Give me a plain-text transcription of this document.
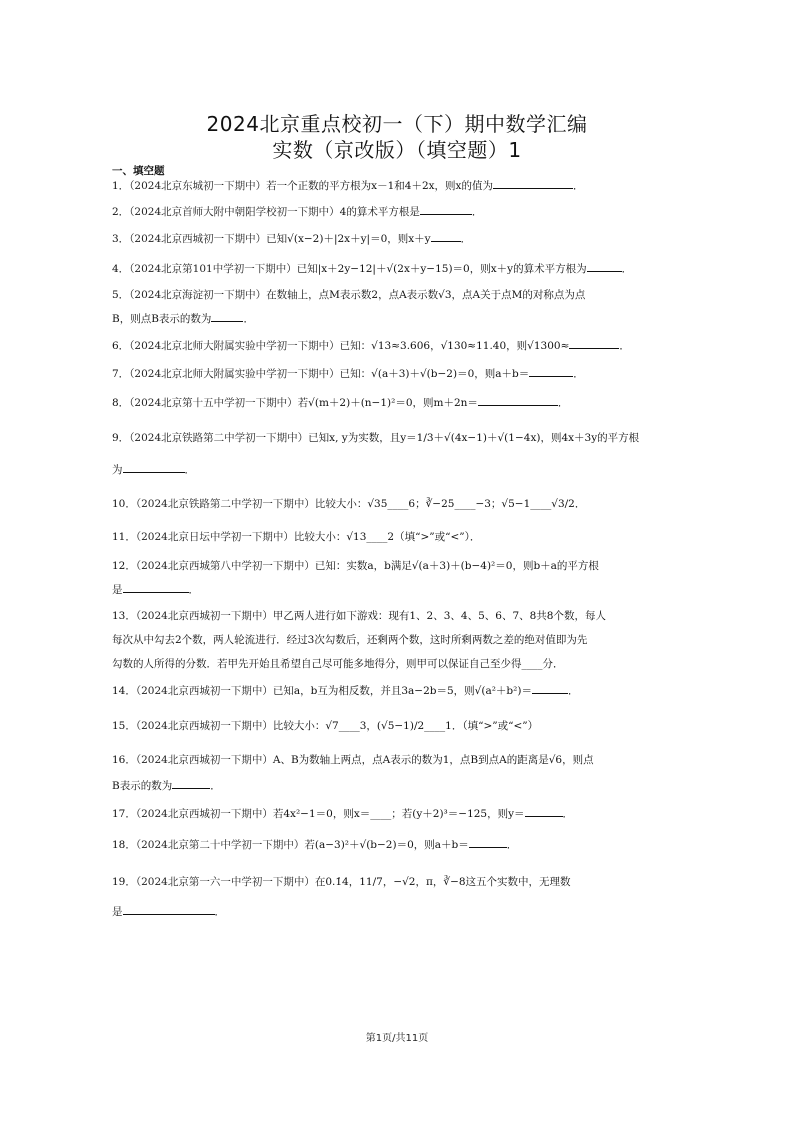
2024北京重点校初一（下）期中数学汇编
实数（京改版）（填空题）1
一、填空题
1．（2024北京东城初一下期中）若一个正数的平方根为x－1和4＋2x，则x的值为	．
2．（2024北京首师大附中朝阳学校初一下期中）4的算术平方根是	．
3．（2024北京西城初一下期中）已知√(x−2)＋|2x＋y|＝0，则x＋y	．
4．（2024北京第101中学初一下期中）已知|x＋2y−12|＋√(2x＋y−15)＝0，则x＋y的算术平方根为	．
5．（2024北京海淀初一下期中）在数轴上，点M表示数2，点A表示数√3，点A关于点M的对称点为点
B，则点B表示的数为	．
6．（2024北京北师大附属实验中学初一下期中）已知：√13≈3.606，√130≈11.40，则√1300≈	．
7．（2024北京北师大附属实验中学初一下期中）已知：√(a＋3)＋√(b−2)＝0，则a＋b＝	．
8．（2024北京第十五中学初一下期中）若√(m＋2)＋(n−1)²＝0，则m＋2n＝	．
9．（2024北京铁路第二中学初一下期中）已知x, y为实数，且y＝1/3＋√(4x−1)＋√(1−4x)，则4x＋3y的平方根
为	．
10．（2024北京铁路第二中学初一下期中）比较大小：√35____6；∛−25____−3；√5−1____√3/2．
11．（2024北京日坛中学初一下期中）比较大小：√13____2（填“>”或“<”）．
12．（2024北京西城第八中学初一下期中）已知：实数a，b满足√(a＋3)＋(b−4)²＝0，则b＋a的平方根
是	．
13．（2024北京西城初一下期中）甲乙两人进行如下游戏：现有1、2、3、4、5、6、7、8共8个数，每人
每次从中勾去2个数，两人轮流进行．经过3次勾数后，还剩两个数，这时所剩两数之差的绝对值即为先
勾数的人所得的分数．若甲先开始且希望自己尽可能多地得分，则甲可以保证自己至少得____分．
14．（2024北京西城初一下期中）已知a，b互为相反数，并且3a−2b＝5，则√(a²＋b²)＝	．
15．（2024北京西城初一下期中）比较大小：√7____3，(√5−1)/2____1．（填“>”或“<”）
16．（2024北京西城初一下期中）A、B为数轴上两点，点A表示的数为1，点B到点A的距离是√6，则点
B表示的数为	．
17．（2024北京西城初一下期中）若4x²−1＝0，则x＝____；若(y＋2)³＝−125，则y＝	．
18．（2024北京第二十中学初一下期中）若(a−3)²＋√(b−2)＝0，则a＋b＝	．
19．（2024北京第一六一中学初一下期中）在0.1̇4̇，11/7，−√2，π，∛−8这五个实数中，无理数
是	．
第1页/共11页
